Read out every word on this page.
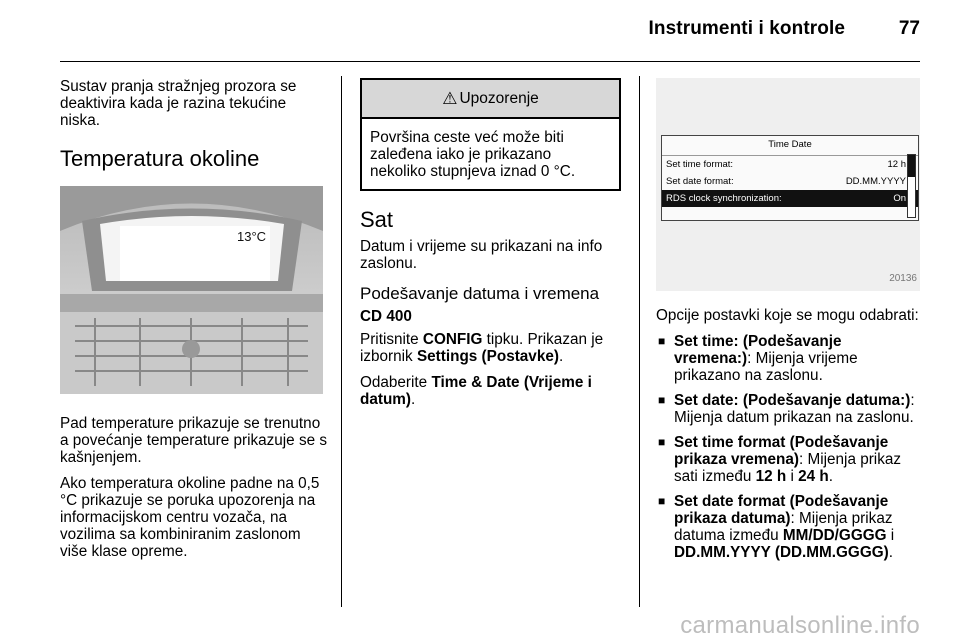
Instrumenti i kontrole	77

Sustav pranja stražnjeg prozora se deaktivira kada je razina tekućine niska.

Temperatura okoline
13°C

Pad temperature prikazuje se trenutno a povećanje temperature prikazuje se s kašnjenjem.

Ako temperatura okoline padne na 0,5 °C prikazuje se poruka upozorenja na informacijskom centru vozača, na vozilima sa kombiniranim zaslonom više klase opreme.

⚠ Upozorenje
Površina ceste već može biti zaleđena iako je prikazano nekoliko stupnjeva iznad 0 °C.
Sat

Datum i vrijeme su prikazani na info zaslonu.

Podešavanje datuma i vremena
CD 400

Pritisnite CONFIG tipku. Prikazan je izbornik Settings (Postavke).

Odaberite Time & Date (Vrijeme i datum).

Time Date
Set time format:	12 h
Set date format:	DD.MM.YYYY
RDS clock synchronization:	On
20136

Opcije postavki koje se mogu odabrati:

■ Set time: (Podešavanje vremena:): Mijenja vrijeme prikazano na zaslonu.
■ Set date: (Podešavanje datuma:): Mijenja datum prikazan na zaslonu.
■ Set time format (Podešavanje prikaza vremena): Mijenja prikaz sati između 12 h i 24 h.
■ Set date format (Podešavanje prikaza datuma): Mijenja prikaz datuma između MM/DD/GGGG i DD.MM.YYYY (DD.MM.GGGG).
carmanualsonline.info
